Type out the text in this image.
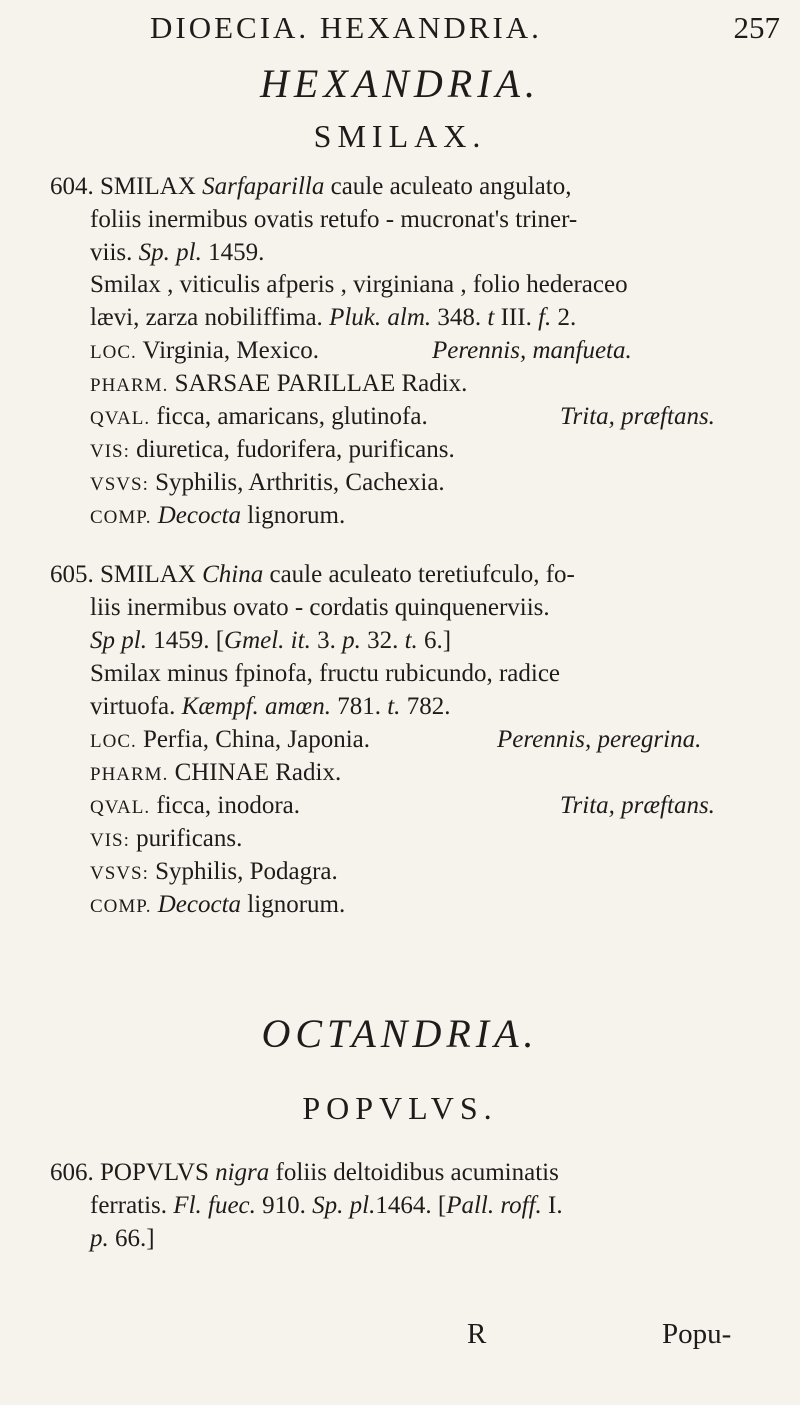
DIOECIA. HEXANDRIA.	257
HEXANDRIA.
SMILAX.
604. SMILAX Sarfaparilla caule aculeato angulato,
foliis inermibus ovatis retufo - mucronat's triner-
viis. Sp. pl. 1459.
Smilax , viticulis afperis , virginiana , folio hederaceo
lævi, zarza nobiliffima. Pluk. alm. 348. t III. f. 2.
LOC. Virginia, Mexico.	Perennis, manfueta.
PHARM. SARSAE PARILLAE Radix.
QVAL. ficca, amaricans, glutinofa.	Trita, præftans.
VIS: diuretica, fudorifera, purificans.
VSVS: Syphilis, Arthritis, Cachexia.
COMP. Decocta lignorum.
605. SMILAX China caule aculeato teretiufculo, fo-
liis inermibus ovato - cordatis quinquenerviis.
Sp pl. 1459. [Gmel. it. 3. p. 32. t. 6.]
Smilax minus fpinofa, fructu rubicundo, radice
virtuofa. Kæmpf. amœn. 781. t. 782.
LOC. Perfia, China, Japonia.	Perennis, peregrina.
PHARM. CHINAE Radix.
QVAL. ficca, inodora.	Trita, præftans.
VIS: purificans.
VSVS: Syphilis, Podagra.
COMP. Decocta lignorum.
OCTANDRIA.
POPVLVS.
606. POPVLVS nigra foliis deltoidibus acuminatis
ferratis. Fl. fuec. 910. Sp. pl.1464. [Pall. roff. I.
p. 66.]
R	Popu-
